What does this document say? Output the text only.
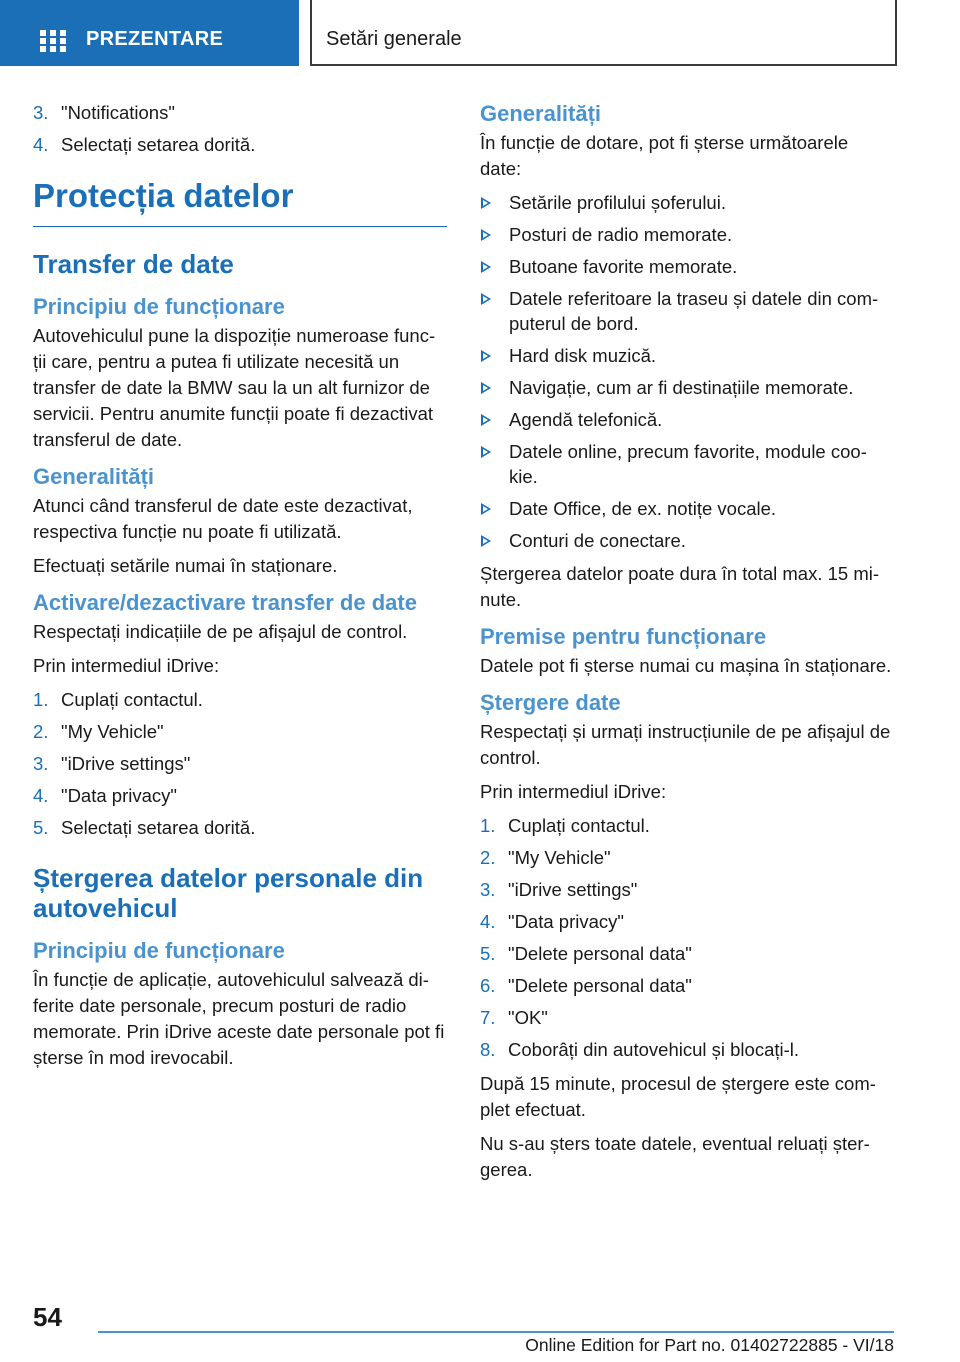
PREZENTARE	Setări generale
3. "Notifications"
4. Selectați setarea dorită.
Protecția datelor
Transfer de date
Principiu de funcționare

Autovehiculul pune la dispoziție numeroase func-ții care, pentru a putea fi utilizate necesită un transfer de date la BMW sau la un alt furnizor de servicii. Pentru anumite funcții poate fi dezactivat transferul de date.

Generalități

Atunci când transferul de date este dezactivat, respectiva funcție nu poate fi utilizată.

Efectuați setările numai în staționare.

Activare/dezactivare transfer de date

Respectați indicațiile de pe afișajul de control.

Prin intermediul iDrive:

1. Cuplați contactul.
2. "My Vehicle"
3. "iDrive settings"
4. "Data privacy"
5. Selectați setarea dorită.
Ștergerea datelor personale din autovehicul
Principiu de funcționare

În funcție de aplicație, autovehiculul salvează di-ferite date personale, precum posturi de radio memorate. Prin iDrive aceste date personale pot fi șterse în mod irevocabil.

Generalități

În funcție de dotare, pot fi șterse următoarele date:

Setările profilului șoferului.
Posturi de radio memorate.
Butoane favorite memorate.
Datele referitoare la traseu și datele din com-puterul de bord.
Hard disk muzică.
Navigație, cum ar fi destinațiile memorate.
Agendă telefonică.
Datele online, precum favorite, module coo-kie.
Date Office, de ex. notițe vocale.
Conturi de conectare.

Ștergerea datelor poate dura în total max. 15 mi-nute.

Premise pentru funcționare

Datele pot fi șterse numai cu mașina în staționare.

Ștergere date

Respectați și urmați instrucțiunile de pe afișajul de control.

Prin intermediul iDrive:

1. Cuplați contactul.
2. "My Vehicle"
3. "iDrive settings"
4. "Data privacy"
5. "Delete personal data"
6. "Delete personal data"
7. "OK"
8. Coborâți din autovehicul și blocați-l.

După 15 minute, procesul de ștergere este com-plet efectuat.

Nu s-au șters toate datele, eventual reluați șter-gerea.

54
Online Edition for Part no. 01402722885 - VI/18
